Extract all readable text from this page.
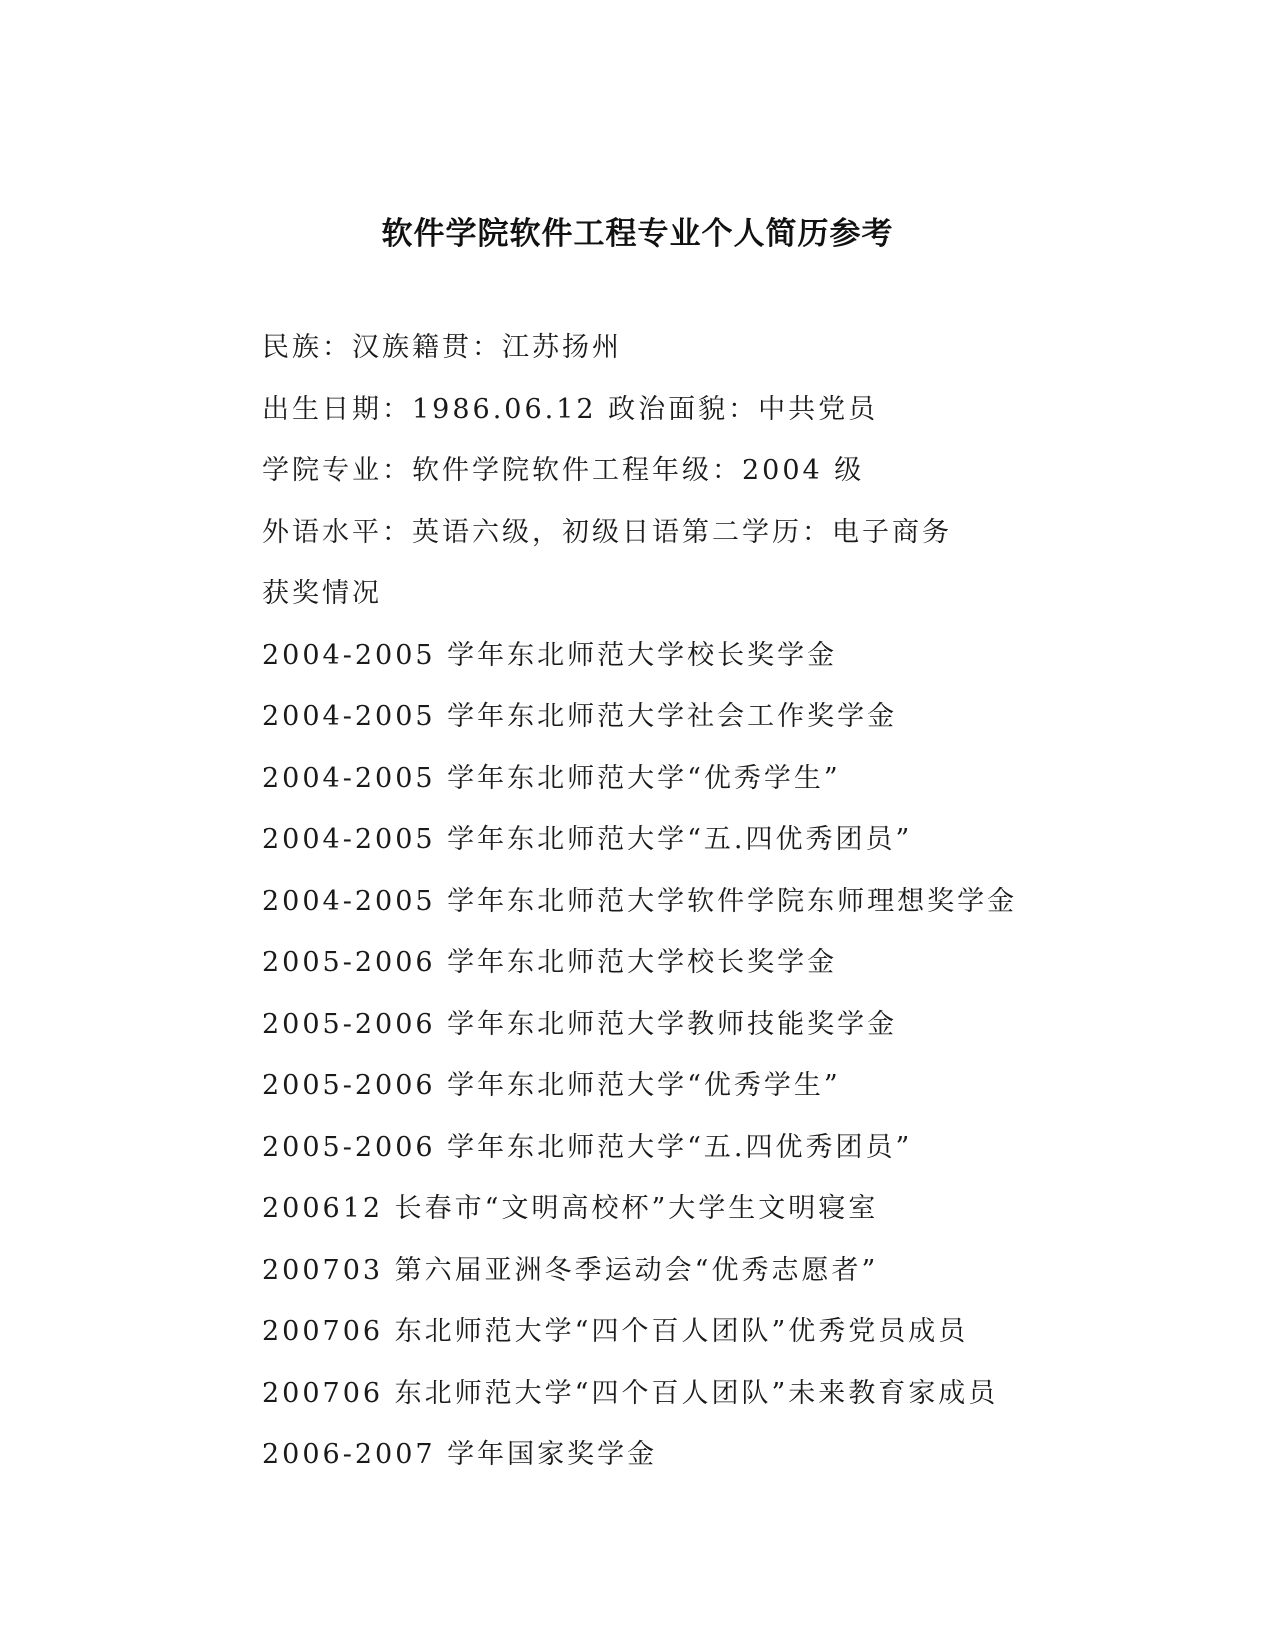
软件学院软件工程专业个人简历参考
民族：汉族籍贯：江苏扬州
出生日期：1986.06.12 政治面貌：中共党员
学院专业：软件学院软件工程年级：2004 级
外语水平：英语六级，初级日语第二学历：电子商务
获奖情况
2004-2005 学年东北师范大学校长奖学金
2004-2005 学年东北师范大学社会工作奖学金
2004-2005 学年东北师范大学“优秀学生”
2004-2005 学年东北师范大学“五.四优秀团员”
2004-2005 学年东北师范大学软件学院东师理想奖学金
2005-2006 学年东北师范大学校长奖学金
2005-2006 学年东北师范大学教师技能奖学金
2005-2006 学年东北师范大学“优秀学生”
2005-2006 学年东北师范大学“五.四优秀团员”
200612 长春市“文明高校杯”大学生文明寝室
200703 第六届亚洲冬季运动会“优秀志愿者”
200706 东北师范大学“四个百人团队”优秀党员成员
200706 东北师范大学“四个百人团队”未来教育家成员
2006-2007 学年国家奖学金
